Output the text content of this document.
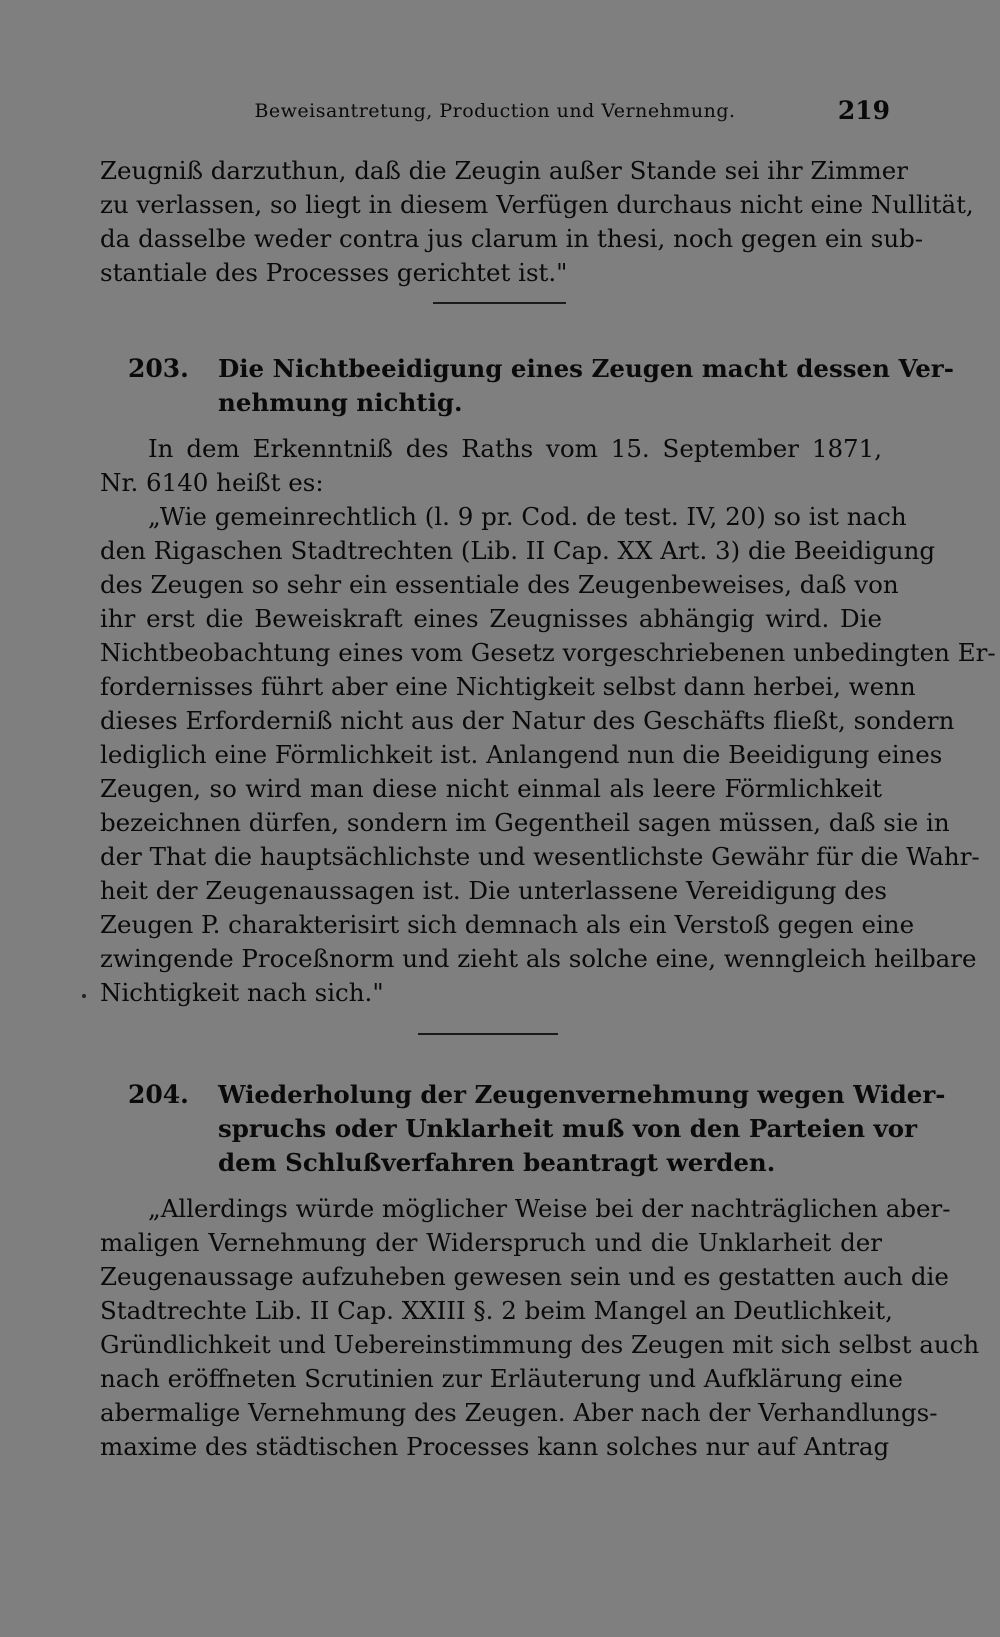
Beweisantretung, Production und Vernehmung.	219
Zeugniß darzuthun, daß die Zeugin außer Stande sei ihr Zimmer
zu verlassen, so liegt in diesem Verfügen durchaus nicht eine Nullität,
da dasselbe weder contra jus clarum in thesi, noch gegen ein sub-
stantiale des Processes gerichtet ist."
203. Die Nichtbeeidigung eines Zeugen macht dessen Ver-
nehmung nichtig.
In dem Erkenntniß des Raths vom 15. September 1871,
Nr. 6140 heißt es:
„Wie gemeinrechtlich (l. 9 pr. Cod. de test. IV, 20) so ist nach
den Rigaschen Stadtrechten (Lib. II Cap. XX Art. 3) die Beeidigung
des Zeugen so sehr ein essentiale des Zeugenbeweises, daß von
ihr erst die Beweiskraft eines Zeugnisses abhängig wird. Die
Nichtbeobachtung eines vom Gesetz vorgeschriebenen unbedingten Er-
fordernisses führt aber eine Nichtigkeit selbst dann herbei, wenn
dieses Erforderniß nicht aus der Natur des Geschäfts fließt, sondern
lediglich eine Förmlichkeit ist. Anlangend nun die Beeidigung eines
Zeugen, so wird man diese nicht einmal als leere Förmlichkeit
bezeichnen dürfen, sondern im Gegentheil sagen müssen, daß sie in
der That die hauptsächlichste und wesentlichste Gewähr für die Wahr-
heit der Zeugenaussagen ist. Die unterlassene Vereidigung des
Zeugen P. charakterisirt sich demnach als ein Verstoß gegen eine
zwingende Proceßnorm und zieht als solche eine, wenngleich heilbare
Nichtigkeit nach sich."
204. Wiederholung der Zeugenvernehmung wegen Wider-
spruchs oder Unklarheit muß von den Parteien vor
dem Schlußverfahren beantragt werden.
„Allerdings würde möglicher Weise bei der nachträglichen aber-
maligen Vernehmung der Widerspruch und die Unklarheit der
Zeugenaussage aufzuheben gewesen sein und es gestatten auch die
Stadtrechte Lib. II Cap. XXIII §. 2 beim Mangel an Deutlichkeit,
Gründlichkeit und Uebereinstimmung des Zeugen mit sich selbst auch
nach eröffneten Scrutinien zur Erläuterung und Aufklärung eine
abermalige Vernehmung des Zeugen. Aber nach der Verhandlungs-
maxime des städtischen Processes kann solches nur auf Antrag
